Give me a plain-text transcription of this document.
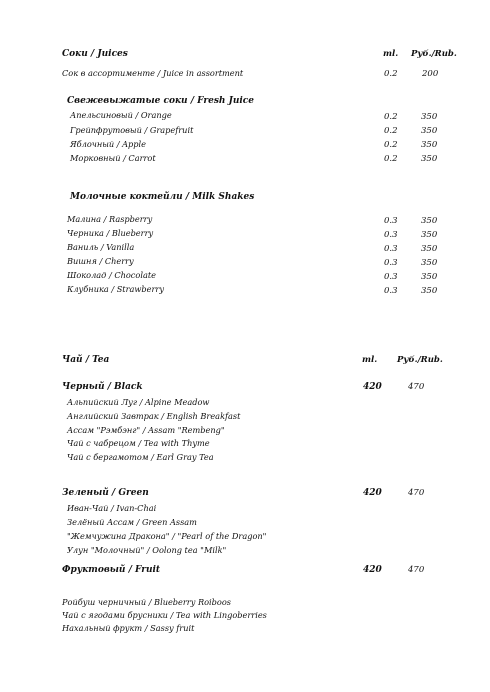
Соки / Juices	ml. Руб./Rub.
Сок в ассортименте / Juice in assortment	0.2	200
Свежевыжатые соки / Fresh Juice
Апельсиновый / Orange	0.2	350
Грейпфрутовый / Grapefruit	0.2	350
Яблочный / Apple	0.2	350
Морковный / Carrot	0.2	350
Молочные коктейли / Milk Shakes
Малина / Raspberry	0.3	350
Черника / Blueberry	0.3	350
Ваниль / Vanilla	0.3	350
Вишня / Cherry	0.3	350
Шоколад / Chocolate	0.3	350
Клубника / Strawberry	0.3	350
Чай / Tea	ml. Руб./Rub.
Черный / Black	420	470
Альпийский Луг / Alpine Meadow
Английский Завтрак / English Breakfast
Ассам "Рэмбэнг" / Assam "Rembeng"
Чай с чабрецом / Tea with Thyme
Чай с бергамотом / Earl Gray Tea
Зеленый / Green	420	470
Иван-Чай / Ivan-Chai
Зелёный Ассам / Green Assam
"Жемчужина Дракона" / "Pearl of the Dragon"
Улун "Молочный" / Oolong tea "Milk"
Фруктовый / Fruit	420	470
Ройбуш черничный / Blueberry Roiboos
Чай с ягодами брусники / Tea with Lingoberries
Нахальный фрукт / Sassy fruit
